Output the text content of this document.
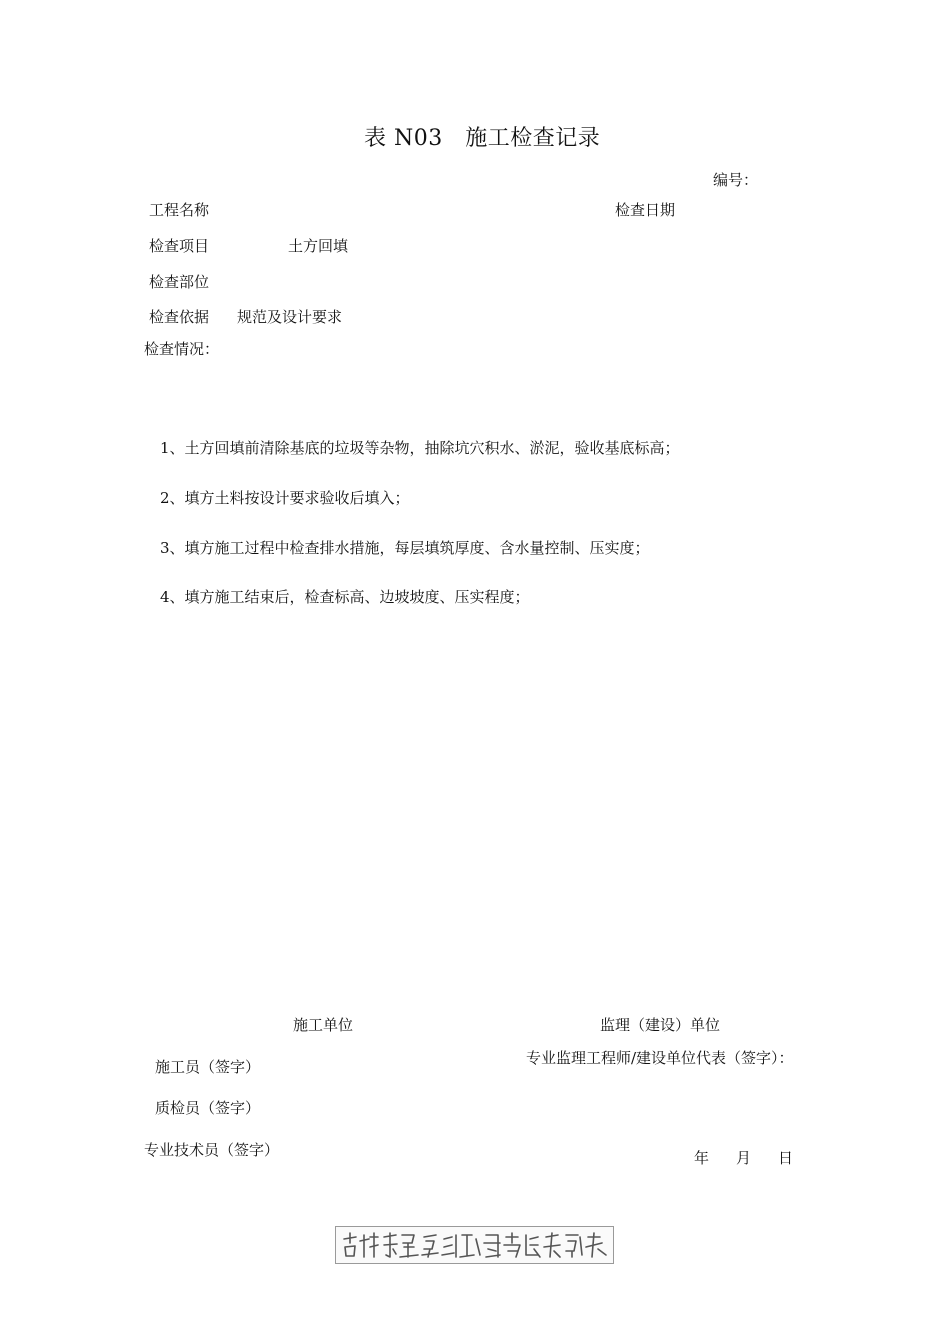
表 N03　施工检查记录
编号：
工程名称	检查日期
检查项目	土方回填
检查部位
检查依据 规范及设计要求
检查情况：
1、土方回填前清除基底的垃圾等杂物，抽除坑穴积水、淤泥，验收基底标高；
2、填方土料按设计要求验收后填入；
3、填方施工过程中检查排水措施，每层填筑厚度、含水量控制、压实度；
4、填方施工结束后，检查标高、边坡坡度、压实程度；
施工单位	监理（建设）单位
专业监理工程师/建设单位代表（签字）：
施工员（签字）
质检员（签字）
专业技术员（签字）	年 月 日
